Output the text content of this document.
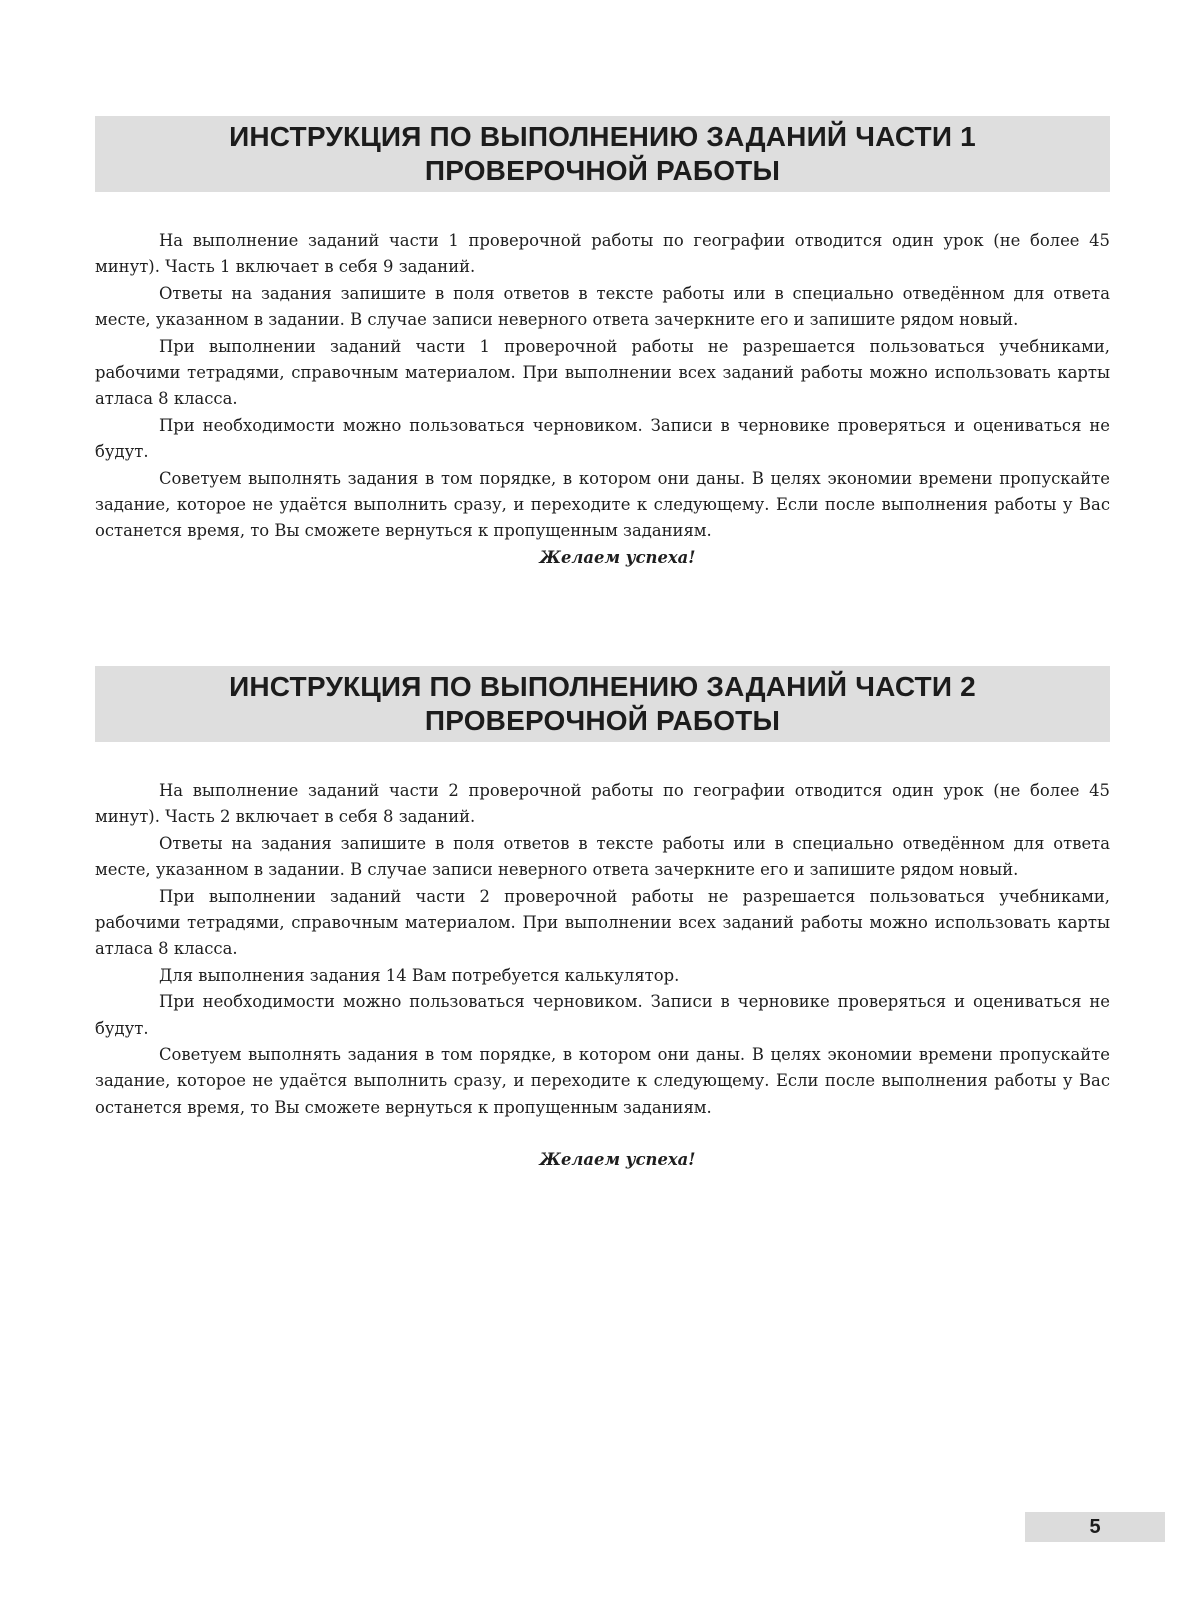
ИНСТРУКЦИЯ ПО ВЫПОЛНЕНИЮ ЗАДАНИЙ ЧАСТИ 1
ПРОВЕРОЧНОЙ РАБОТЫ

На выполнение заданий части 1 проверочной работы по географии отводится один урок (не более 45 минут). Часть 1 включает в себя 9 заданий.

Ответы на задания запишите в поля ответов в тексте работы или в специально отведённом для ответа месте, указанном в задании. В случае записи неверного ответа зачеркните его и запишите рядом новый.

При выполнении заданий части 1 проверочной работы не разрешается пользоваться учебниками, рабочими тетрадями, справочным материалом. При выполнении всех заданий работы можно использовать карты атласа 8 класса.

При необходимости можно пользоваться черновиком. Записи в черновике проверяться и оцениваться не будут.

Советуем выполнять задания в том порядке, в котором они даны. В целях экономии времени пропускайте задание, которое не удаётся выполнить сразу, и переходите к следующему. Если после выполнения работы у Вас останется время, то Вы сможете вернуться к пропущенным заданиям.

Желаем успеха!

ИНСТРУКЦИЯ ПО ВЫПОЛНЕНИЮ ЗАДАНИЙ ЧАСТИ 2
ПРОВЕРОЧНОЙ РАБОТЫ

На выполнение заданий части 2 проверочной работы по географии отводится один урок (не более 45 минут). Часть 2 включает в себя 8 заданий.

Ответы на задания запишите в поля ответов в тексте работы или в специально отведённом для ответа месте, указанном в задании. В случае записи неверного ответа зачеркните его и запишите рядом новый.

При выполнении заданий части 2 проверочной работы не разрешается пользоваться учебниками, рабочими тетрадями, справочным материалом. При выполнении всех заданий работы можно использовать карты атласа 8 класса.

Для выполнения задания 14 Вам потребуется калькулятор.

При необходимости можно пользоваться черновиком. Записи в черновике проверяться и оцениваться не будут.

Советуем выполнять задания в том порядке, в котором они даны. В целях экономии времени пропускайте задание, которое не удаётся выполнить сразу, и переходите к следующему. Если после выполнения работы у Вас останется время, то Вы сможете вернуться к пропущенным заданиям.

Желаем успеха!

5
